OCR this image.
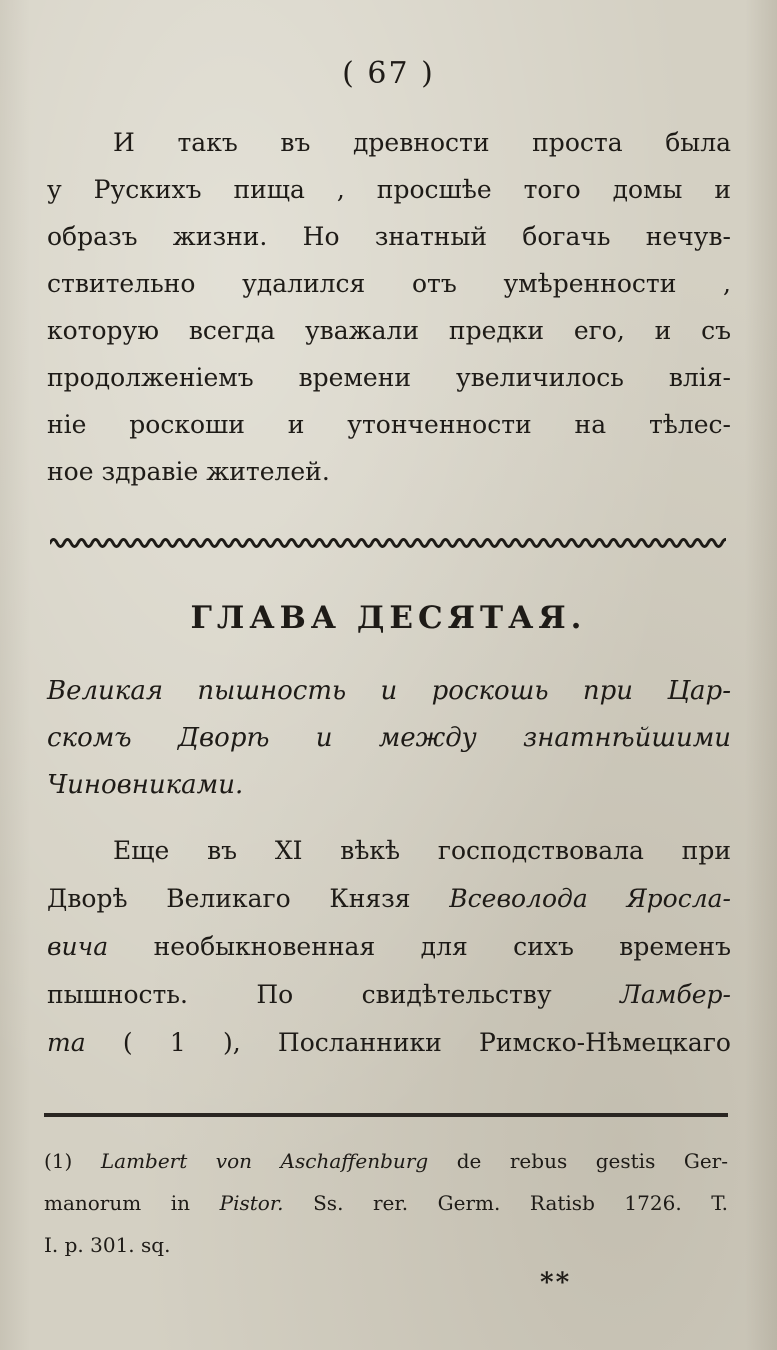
( 67 )
И такъ въ древности проста была
у Рускихъ пища , просшѣе того домы и
образъ жизни. Но знатный богачь нечув-
ствительно удалился отъ умѣренности ,
которую всегда уважали предки его, и съ
продолженіемъ времени увеличилось влія-
ніе роскоши и утонченности на тѣлес-
ное здравіе жителей.
ГЛАВА ДЕСЯТАЯ.
Великая пышность и роскошь при Цар-
скомъ Дворѣ и между знатнѣйшими
Чиновниками.
Еще въ XI вѣкѣ господствовала при
Дворѣ Великаго Князя Всеволода Яросла-
вича необыкновенная для сихъ временъ
пышность. По свидѣтельству Ламбер-
та ( 1 ), Посланники Римско-Нѣмецкаго
(1) Lambert von Aschaffenburg de rebus gestis Ger-
manorum in Pistor. Ss. rer. Germ. Ratisb 1726. T.
I. p. 301. sq.
**
